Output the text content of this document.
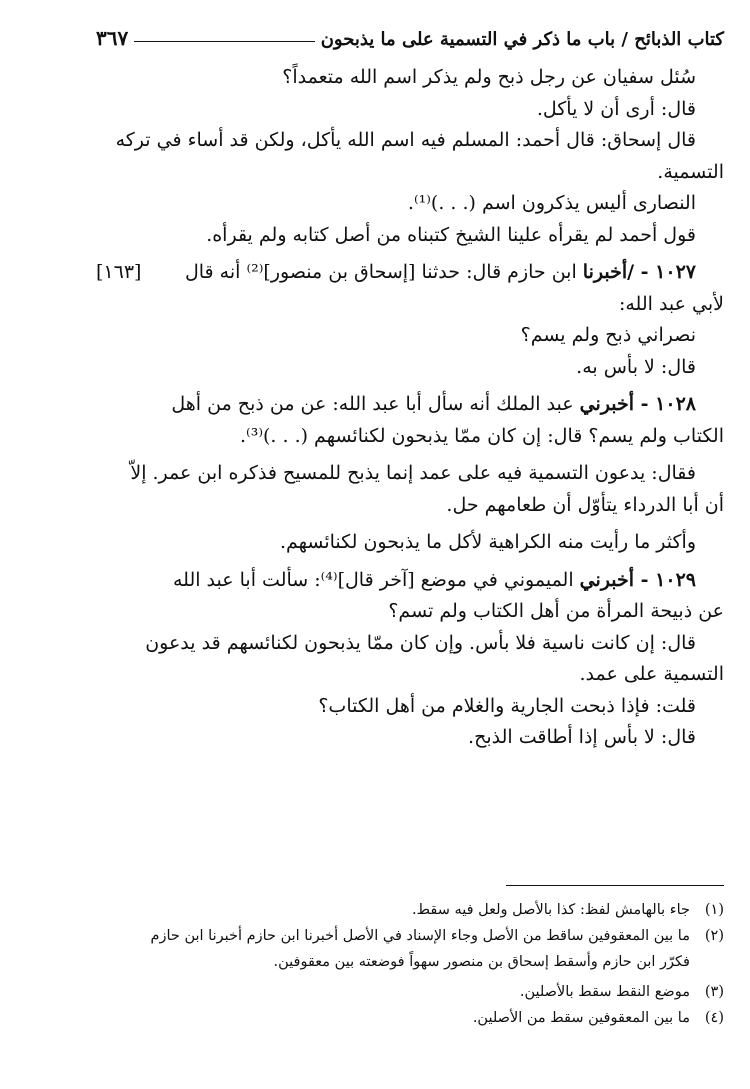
كتاب الذبائح / باب ما ذكر في التسمية على ما يذبحون
٣٦٧
سُئل سفيان عن رجل ذبح ولم يذكر اسم الله متعمداً؟
قال: أرى أن لا يأكل.
قال إسحاق: قال أحمد: المسلم فيه اسم الله يأكل، ولكن قد أساء في تركه
التسمية.
النصارى أليس يذكرون اسم (. . .)⁽¹⁾.
قول أحمد لم يقرأه علينا الشيخ كتبناه من أصل كتابه ولم يقرأه.
١٠٢٧ - /أخبرنا ابن حازم قال: حدثنا [إسحاق بن منصور]⁽²⁾ أنه قال
[١٦٣]
لأبي عبد الله:
نصراني ذبح ولم يسم؟
قال: لا بأس به.
١٠٢٨ - أخبرني عبد الملك أنه سأل أبا عبد الله: عن من ذبح من أهل
الكتاب ولم يسم؟ قال: إن كان ممّا يذبحون لكنائسهم (. . .)⁽³⁾.
فقال: يدعون التسمية فيه على عمد إنما يذبح للمسيح فذكره ابن عمر. إلاّ
أن أبا الدرداء يتأوّل أن طعامهم حل.
وأكثر ما رأيت منه الكراهية لأكل ما يذبحون لكنائسهم.
١٠٢٩ - أخبرني الميموني في موضع [آخر قال]⁽⁴⁾: سألت أبا عبد الله
عن ذبيحة المرأة من أهل الكتاب ولم تسم؟
قال: إن كانت ناسية فلا بأس. وإن كان ممّا يذبحون لكنائسهم قد يدعون
التسمية على عمد.
قلت: فإذا ذبحت الجارية والغلام من أهل الكتاب؟
قال: لا بأس إذا أطاقت الذبح.
(١)جاء بالهامش لفظ: كذا بالأصل ولعل فيه سقط.
(٢)ما بين المعقوفين ساقط من الأصل وجاء الإسناد في الأصل أخبرنا ابن حازم أخبرنا ابن حازم
فكرّر ابن حازم وأسقط إسحاق بن منصور سهواً فوضعته بين معقوفين.
(٣)موضع النقط سقط بالأصلين.
(٤)ما بين المعقوفين سقط من الأصلين.
